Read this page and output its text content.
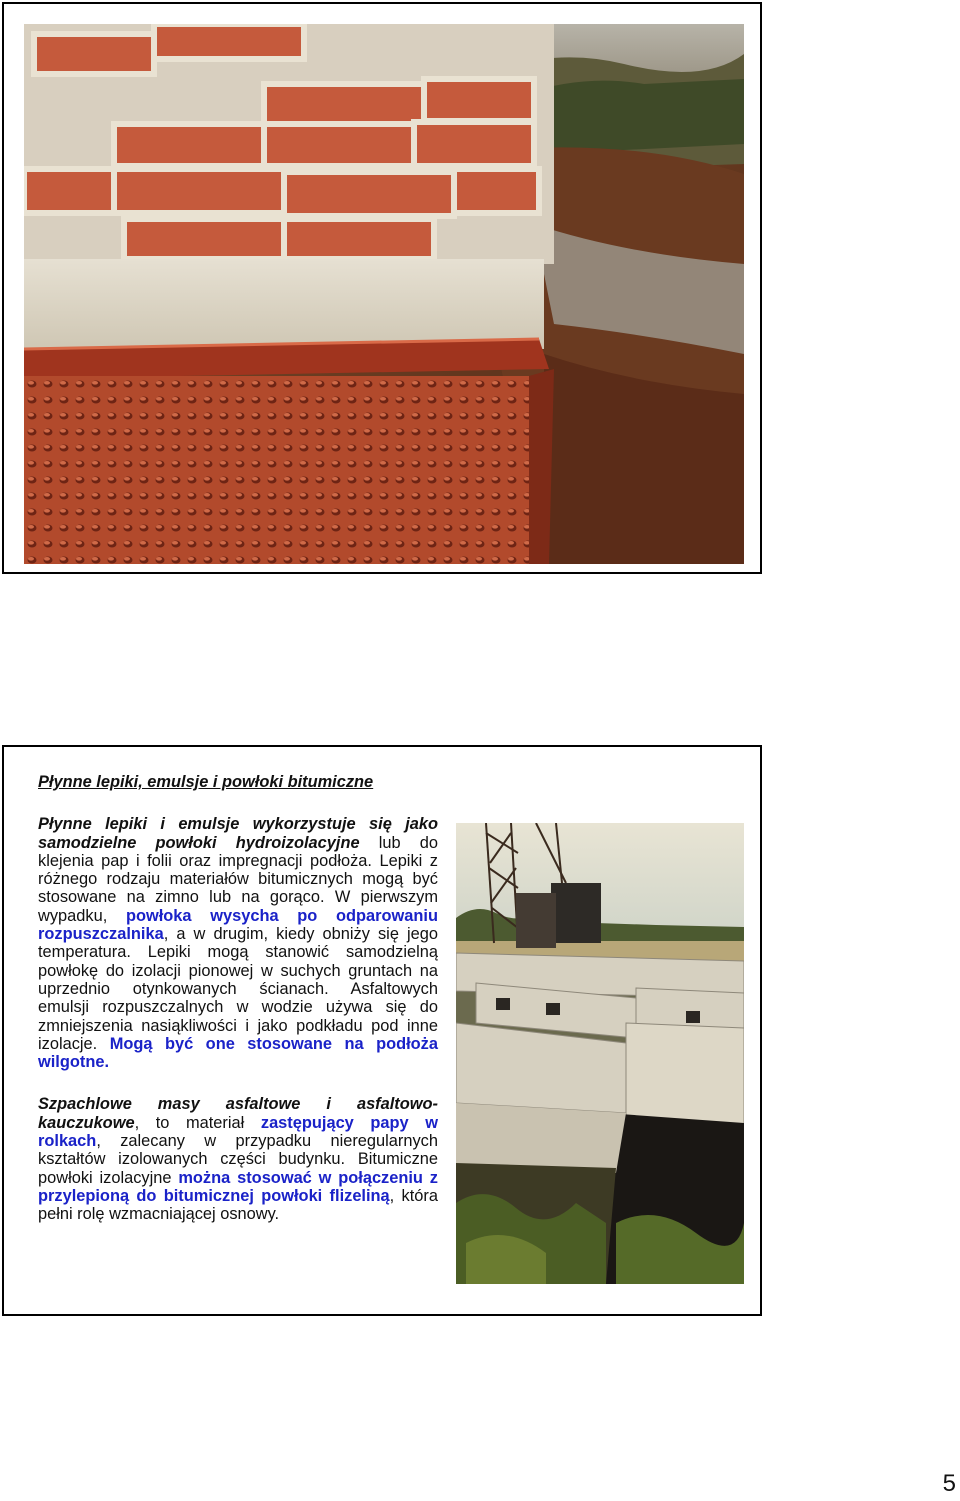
Płynne lepiki, emulsje i powłoki bitumiczne

Płynne lepiki i emulsje wykorzystuje się jako samodzielne powłoki hydroizolacyjne lub do klejenia pap i folii oraz impregnacji podłoża. Lepiki z różnego rodzaju materiałów bitumicznych mogą być stosowane na zimno lub na gorąco. W pierwszym wypadku, powłoka wysycha po odparowaniu rozpuszczalnika, a w drugim, kiedy obniży się jego temperatura. Lepiki mogą stanowić samodzielną powłokę do izolacji pionowej w suchych gruntach na uprzednio otynkowanych ścianach. Asfaltowych emulsji rozpuszczalnych w wodzie używa się do zmniejszenia nasiąkliwości i jako podkładu pod inne izolacje. Mogą być one stosowane na podłoża wilgotne.

Szpachlowe masy asfaltowe i asfaltowo-kauczukowe, to materiał zastępujący papy w rolkach, zalecany w przypadku nieregularnych kształtów izolowanych części budynku. Bitumiczne powłoki izolacyjne można stosować w połączeniu z przylepioną do bitumicznej powłoki flizeliną, która pełni rolę wzmacniającej osnowy.

5
